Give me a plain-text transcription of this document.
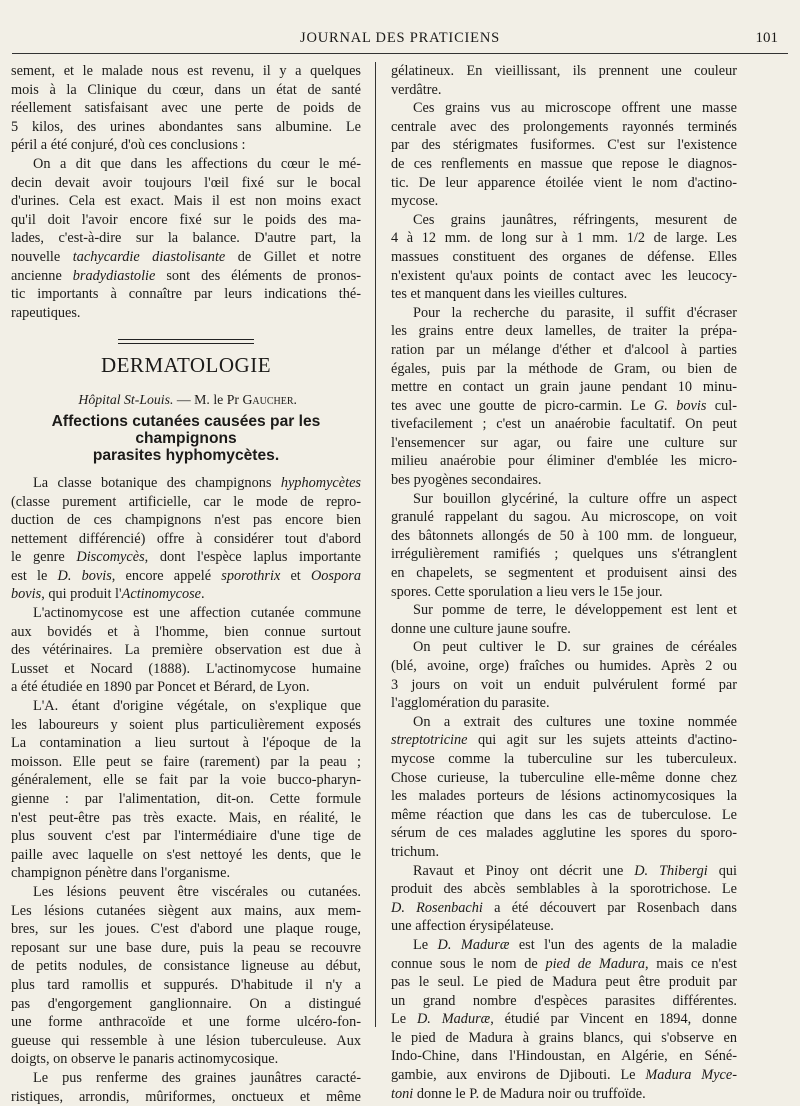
JOURNAL DES PRATICIENS	101

sement, et le malade nous est revenu, il y a quelques
mois à la Clinique du cœur, dans un état de santé
réellement satisfaisant avec une perte de poids de
5 kilos, des urines abondantes sans albumine. Le
péril a été conjuré, d'où ces conclusions :

On a dit que dans les affections du cœur le mé-
decin devait avoir toujours l'œil fixé sur le bocal
d'urines. Cela est exact. Mais il est non moins exact
qu'il doit l'avoir encore fixé sur le poids des ma-
lades, c'est-à-dire sur la balance. D'autre part, la
nouvelle tachycardie diastolisante de Gillet et notre
ancienne bradydiastolie sont des éléments de pronos-
tic importants à connaître par leurs indications thé-
rapeutiques.

DERMATOLOGIE
Hôpital St-Louis. — M. le Pr Gaucher.
Affections cutanées causées par les champignons
parasites hyphomycètes.

La classe botanique des champignons hyphomycètes
(classe purement artificielle, car le mode de repro-
duction de ces champignons n'est pas encore bien
nettement différencié) offre à considérer tout d'abord
le genre Discomycès, dont l'espèce laplus importante
est le D. bovis, encore appelé sporothrix et Oospora
bovis, qui produit l'Actinomycose.

L'actinomycose est une affection cutanée commune
aux bovidés et à l'homme, bien connue surtout
des vétérinaires. La première observation est due à
Lusset et Nocard (1888). L'actinomycose humaine
a été étudiée en 1890 par Poncet et Bérard, de Lyon.

L'A. étant d'origine végétale, on s'explique que
les laboureurs y soient plus particulièrement exposés
La contamination a lieu surtout à l'époque de la
moisson. Elle peut se faire (rarement) par la peau ;
généralement, elle se fait par la voie bucco-pharyn-
gienne : par l'alimentation, dit-on. Cette formule
n'est peut-être pas très exacte. Mais, en réalité, le
plus souvent c'est par l'intermédiaire d'une tige de
paille avec laquelle on s'est nettoyé les dents, que le
champignon pénètre dans l'organisme.

Les lésions peuvent être viscérales ou cutanées.
Les lésions cutanées siègent aux mains, aux mem-
bres, sur les joues. C'est d'abord une plaque rouge,
reposant sur une base dure, puis la peau se recouvre
de petits nodules, de consistance ligneuse au début,
plus tard ramollis et suppurés. D'habitude il n'y a
pas d'engorgement ganglionnaire. On a distingué
une forme anthracoïde et une forme ulcéro-fon-
gueuse qui ressemble à une lésion tuberculeuse. Aux
doigts, on observe le panaris actinomycosique.

Le pus renferme des graines jaunâtres caracté-
ristiques, arrondis, mûriformes, onctueux et même

gélatineux. En vieillissant, ils prennent une couleur
verdâtre.

Ces grains vus au microscope offrent une masse
centrale avec des prolongements rayonnés terminés
par des stérigmates fusiformes. C'est sur l'existence
de ces renflements en massue que repose le diagnos-
tic. De leur apparence étoilée vient le nom d'actino-
mycose.

Ces grains jaunâtres, réfringents, mesurent de
4 à 12 mm. de long sur à 1 mm. 1/2 de large. Les
massues constituent des organes de défense. Elles
n'existent qu'aux points de contact avec les leucocy-
tes et manquent dans les vieilles cultures.

Pour la recherche du parasite, il suffit d'écraser
les grains entre deux lamelles, de traiter la prépa-
ration par un mélange d'éther et d'alcool à parties
égales, puis par la méthode de Gram, ou bien de
mettre en contact un grain jaune pendant 10 minu-
tes avec une goutte de picro-carmin. Le G. bovis cul-
tivefacilement ; c'est un anaérobie facultatif. On peut
l'ensemencer sur agar, ou faire une culture sur
milieu anaérobie pour éliminer d'emblée les micro-
bes pyogènes secondaires.

Sur bouillon glycériné, la culture offre un aspect
granulé rappelant du sagou. Au microscope, on voit
des bâtonnets allongés de 50 à 100 mm. de longueur,
irrégulièrement ramifiés ; quelques uns s'étranglent
en chapelets, se segmentent et produisent ainsi des
spores. Cette sporulation a lieu vers le 15e jour.

Sur pomme de terre, le développement est lent et
donne une culture jaune soufre.

On peut cultiver le D. sur graines de céréales
(blé, avoine, orge) fraîches ou humides. Après 2 ou
3 jours on voit un enduit pulvérulent formé par
l'agglomération du parasite.

On a extrait des cultures une toxine nommée
streptotricine qui agit sur les sujets atteints d'actino-
mycose comme la tuberculine sur les tuberculeux.
Chose curieuse, la tuberculine elle-même donne chez
les malades porteurs de lésions actinomycosiques la
même réaction que dans les cas de tuberculose. Le
sérum de ces malades agglutine les spores du sporo-
trichum.

Ravaut et Pinoy ont décrit une D. Thibergi qui
produit des abcès semblables à la sporotrichose. Le
D. Rosenbachi a été découvert par Rosenbach dans
une affection érysipélateuse.

Le D. Maduræ est l'un des agents de la maladie
connue sous le nom de pied de Madura, mais ce n'est
pas le seul. Le pied de Madura peut être produit par
un grand nombre d'espèces parasites différentes.
Le D. Maduræ, étudié par Vincent en 1894, donne
le pied de Madura à grains blancs, qui s'observe en
Indo-Chine, dans l'Hindoustan, en Algérie, en Séné-
gambie, aux environs de Djibouti. Le Madura Myce-
toni donne le P. de Madura noir ou truffoïde.
